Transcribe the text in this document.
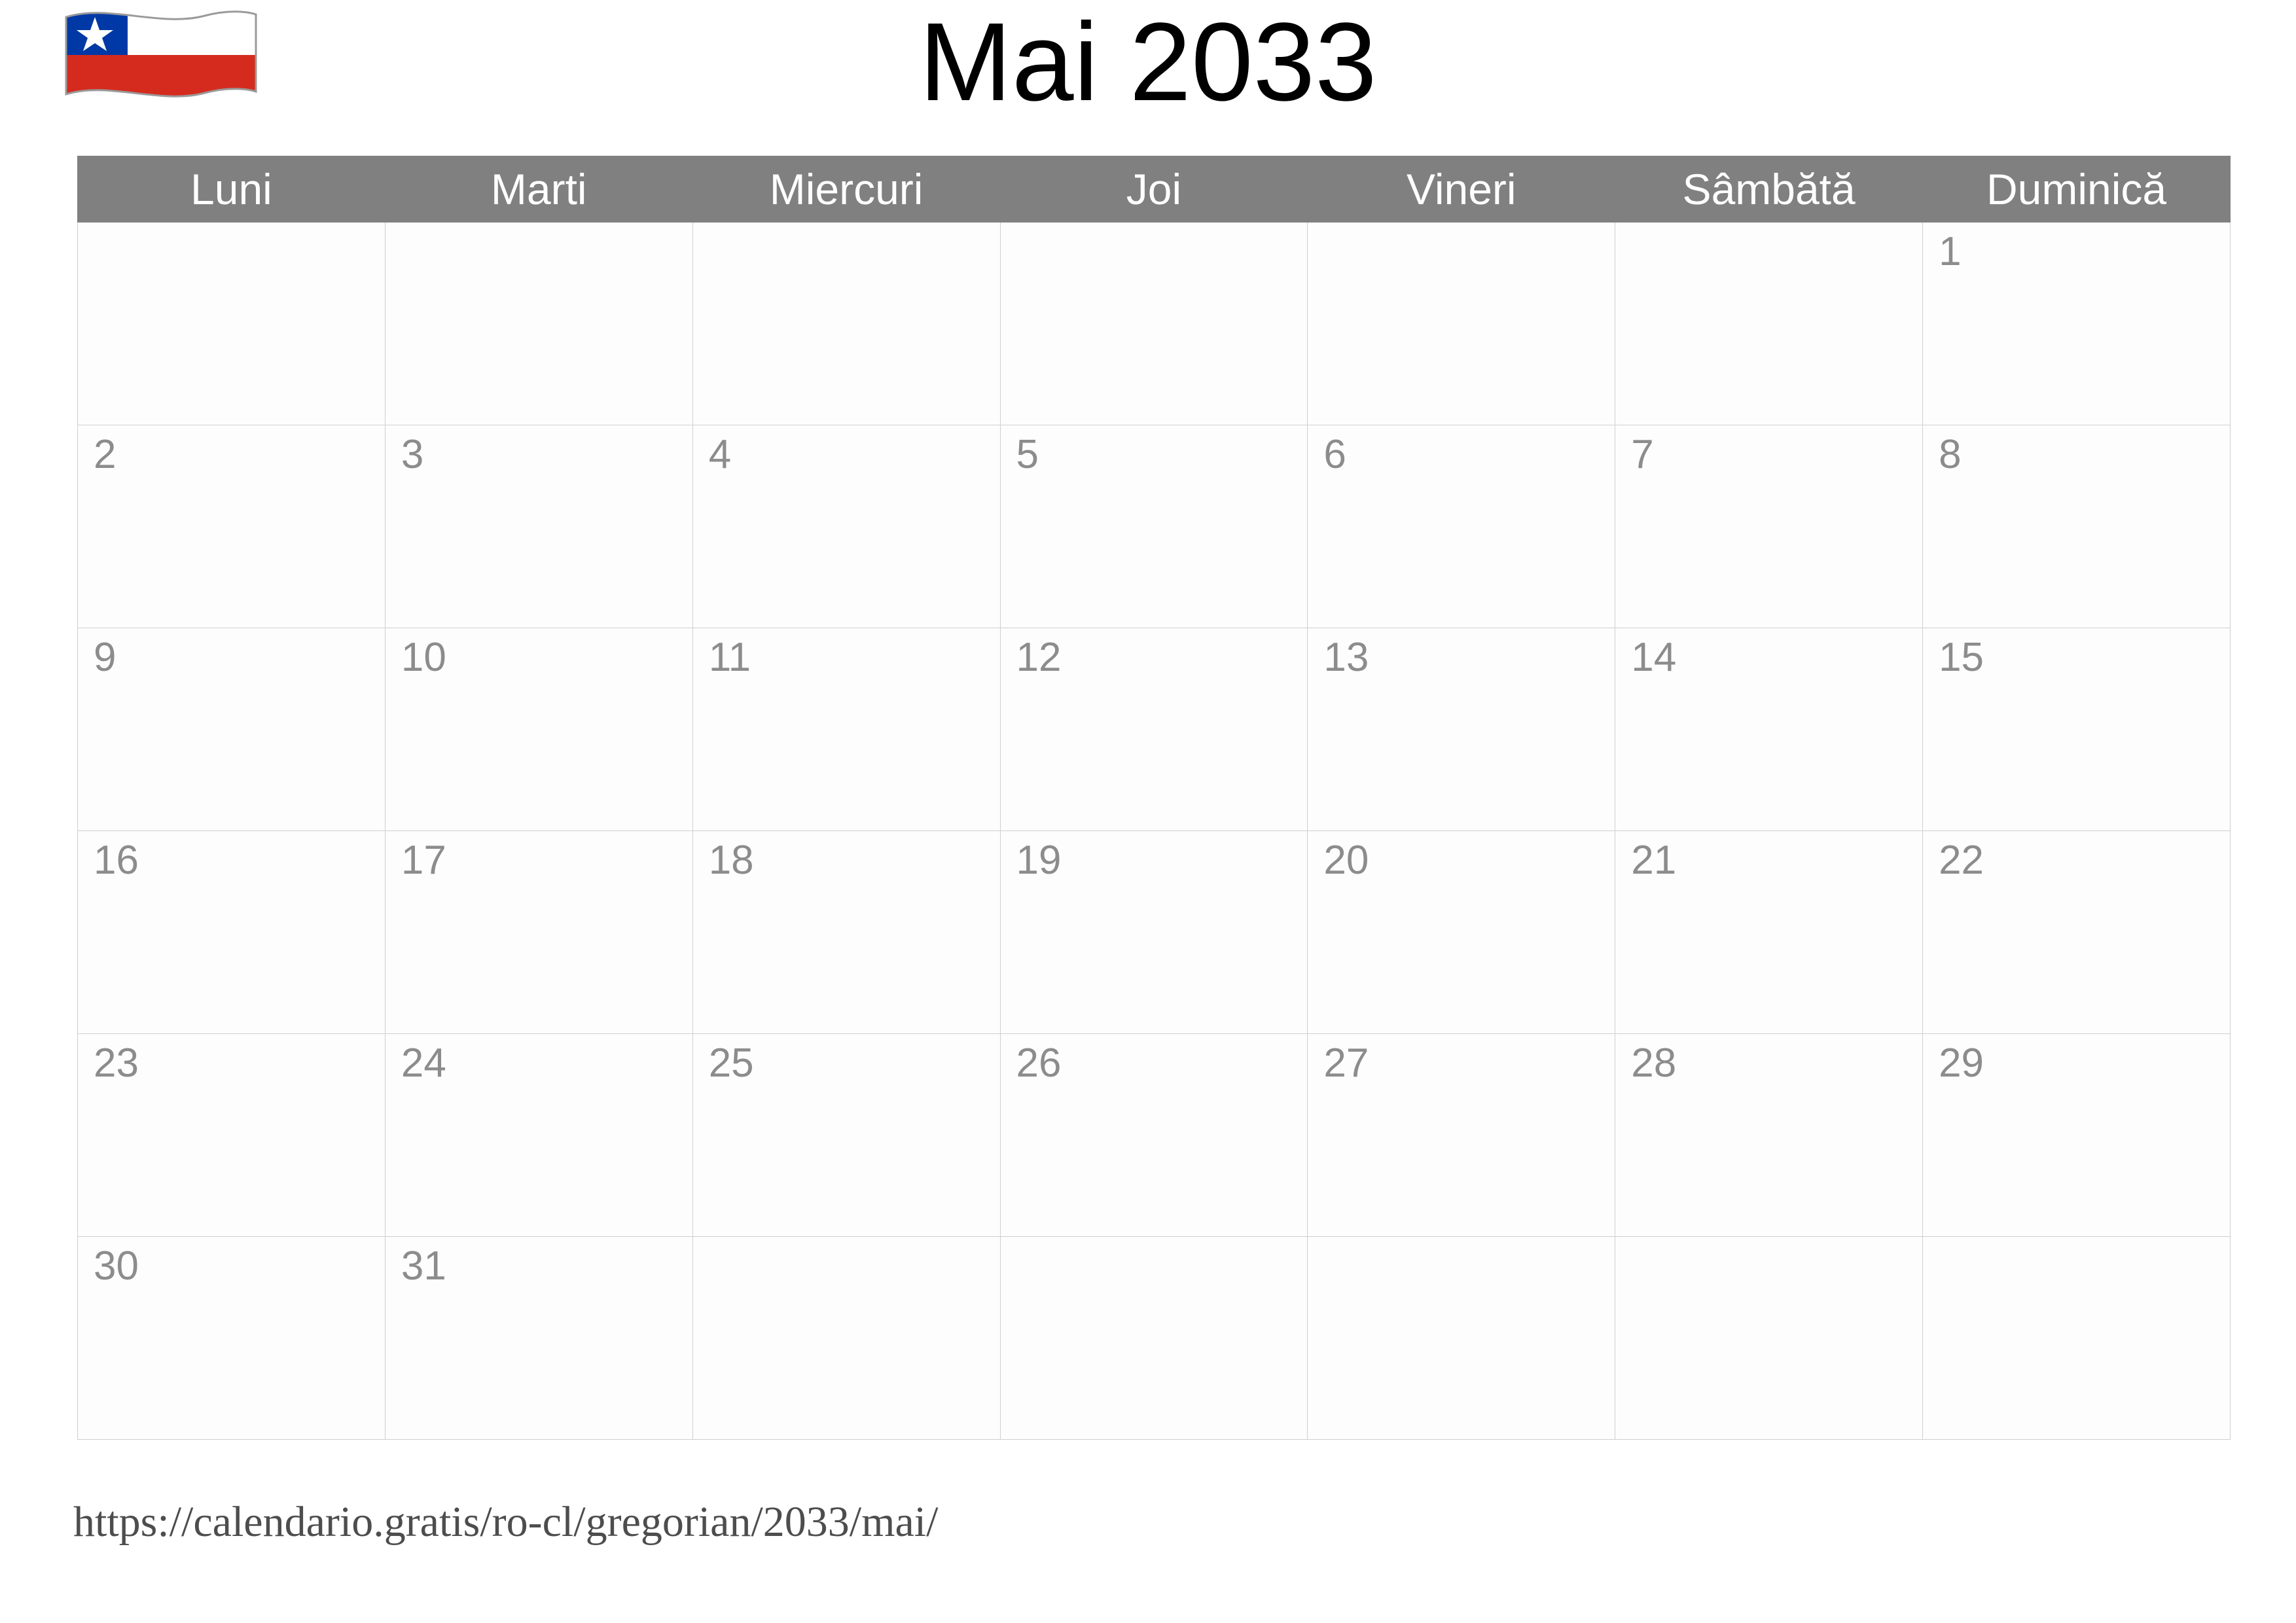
Mai 2033
Luni	Marti	Miercuri	Joi	Vineri	Sâmbătă	Duminică

						1

2	3	4	5	6	7	8

9	10	11	12	13	14	15

16	17	18	19	20	21	22

23	24	25	26	27	28	29

30	31					

https://calendario.gratis/ro-cl/gregorian/2033/mai/
